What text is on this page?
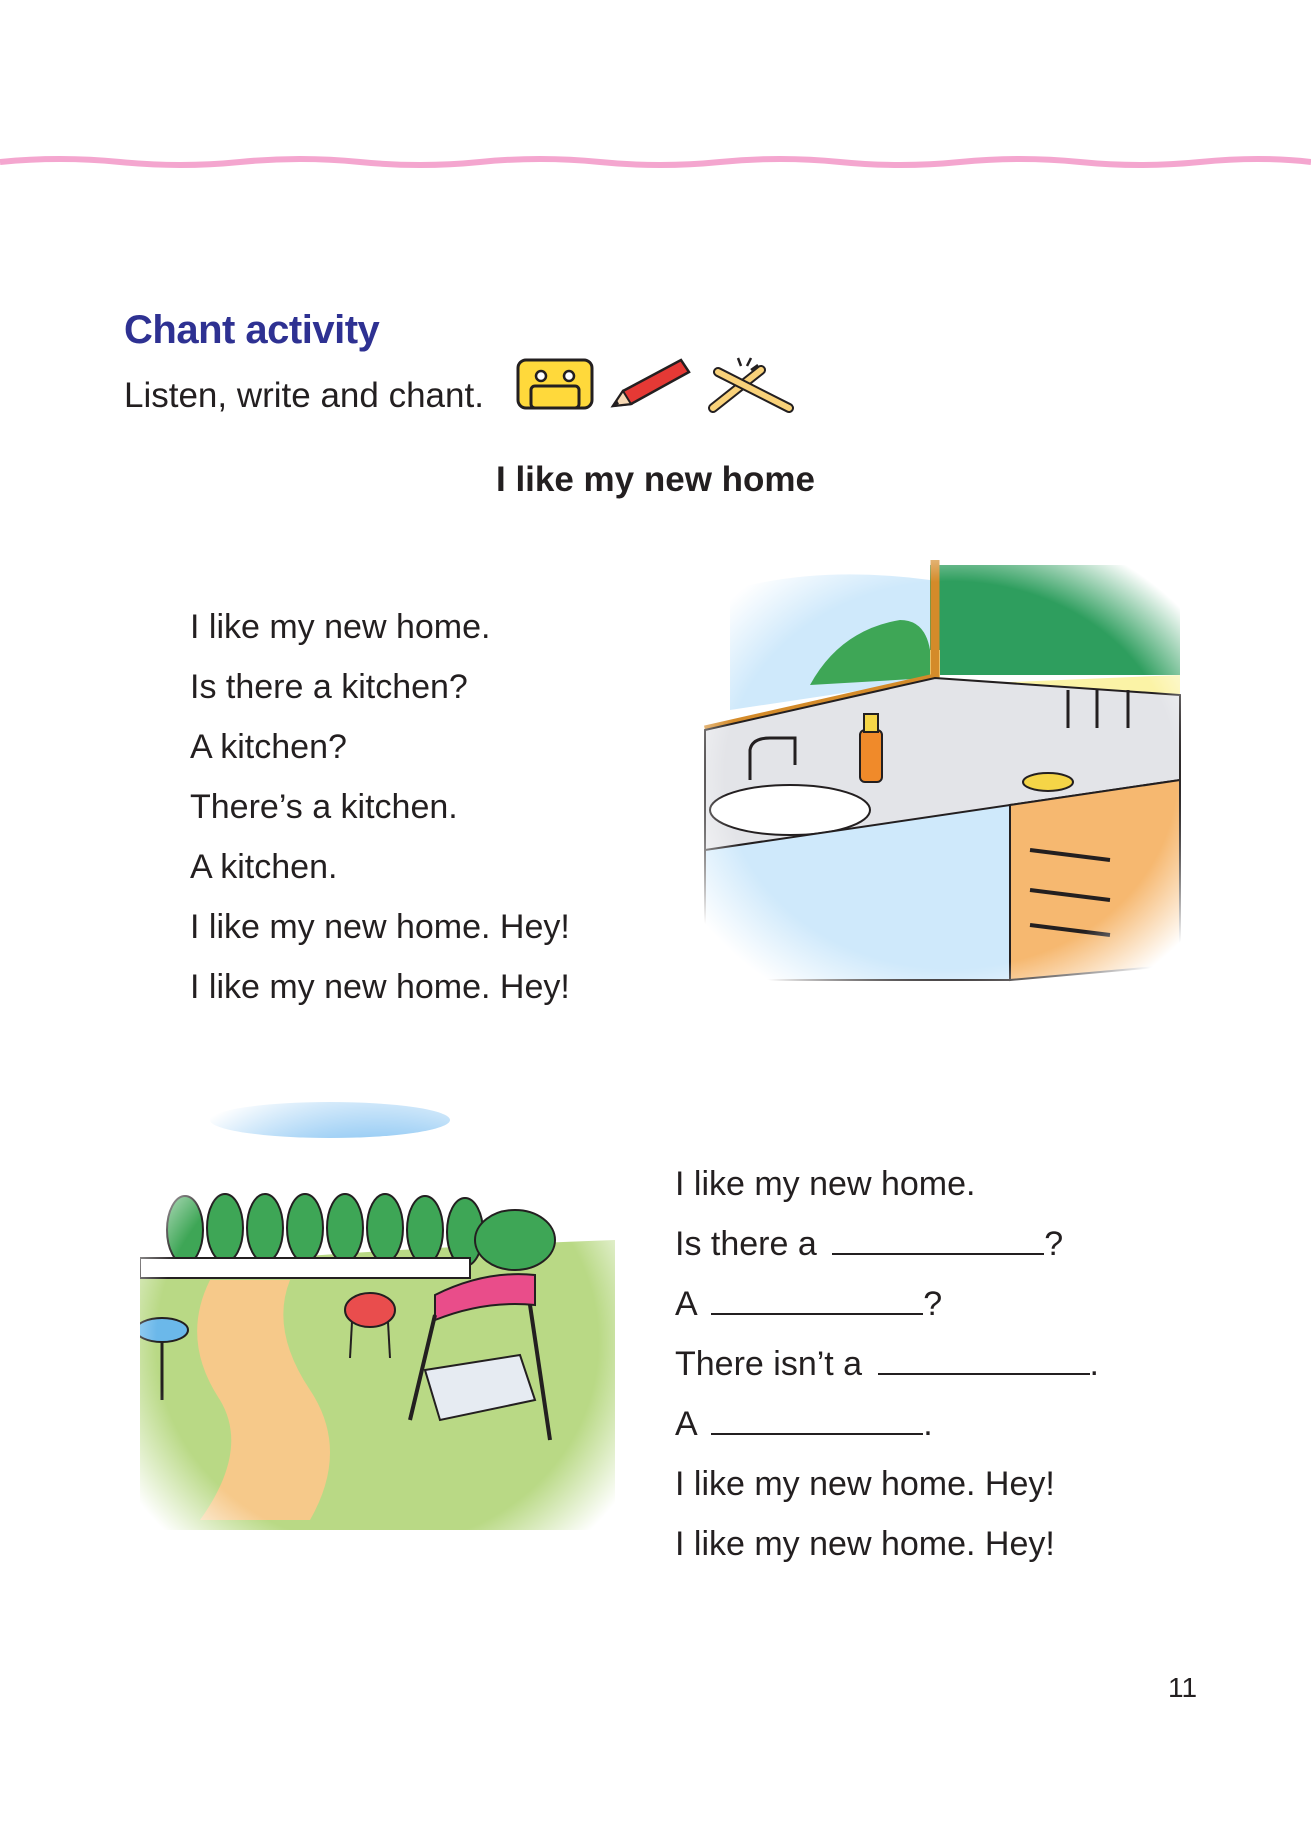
Chant activity
Listen, write and chant.
I like my new home
I like my new home.
Is there a kitchen?
A kitchen?
There’s a kitchen.
A kitchen.
I like my new home. Hey!
I like my new home. Hey!
I like my new home.
Is there a	?
A	?
There isn’t a	.
A	.
I like my new home. Hey!
I like my new home. Hey!
11
